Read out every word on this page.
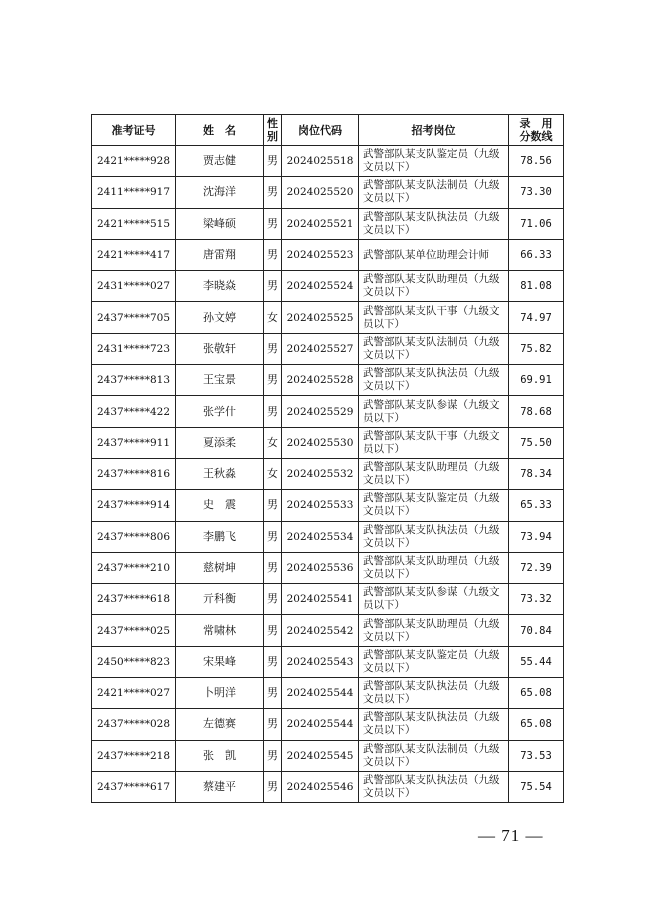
准考证号	姓　名	性别	岗位代码	招考岗位	录　用
分数线
2421*****928	贾志健	男	2024025518	武警部队某支队鉴定员（九级文员以下）	78.56
2411*****917	沈海洋	男	2024025520	武警部队某支队法制员（九级文员以下）	73.30
2421*****515	梁峰硕	男	2024025521	武警部队某支队执法员（九级文员以下）	71.06
2421*****417	唐雷翔	男	2024025523	武警部队某单位助理会计师	66.33
2431*****027	李晓焱	男	2024025524	武警部队某支队助理员（九级文员以下）	81.08
2437*****705	孙文婷	女	2024025525	武警部队某支队干事（九级文员以下）	74.97
2431*****723	张敬轩	男	2024025527	武警部队某支队法制员（九级文员以下）	75.82
2437*****813	王宝景	男	2024025528	武警部队某支队执法员（九级文员以下）	69.91
2437*****422	张学什	男	2024025529	武警部队某支队参谋（九级文员以下）	78.68
2437*****911	夏添柔	女	2024025530	武警部队某支队干事（九级文员以下）	75.50
2437*****816	王秋淼	女	2024025532	武警部队某支队助理员（九级文员以下）	78.34
2437*****914	史　震	男	2024025533	武警部队某支队鉴定员（九级文员以下）	65.33
2437*****806	李鹏飞	男	2024025534	武警部队某支队执法员（九级文员以下）	73.94
2437*****210	慈树坤	男	2024025536	武警部队某支队助理员（九级文员以下）	72.39
2437*****618	亓科衡	男	2024025541	武警部队某支队参谋（九级文员以下）	73.32
2437*****025	常啸林	男	2024025542	武警部队某支队助理员（九级文员以下）	70.84
2450*****823	宋果峰	男	2024025543	武警部队某支队鉴定员（九级文员以下）	55.44
2421*****027	卜明洋	男	2024025544	武警部队某支队执法员（九级文员以下）	65.08
2437*****028	左德赛	男	2024025544	武警部队某支队执法员（九级文员以下）	65.08
2437*****218	张　凯	男	2024025545	武警部队某支队法制员（九级文员以下）	73.53
2437*****617	蔡建平	男	2024025546	武警部队某支队执法员（九级文员以下）	75.54
— 71 —
